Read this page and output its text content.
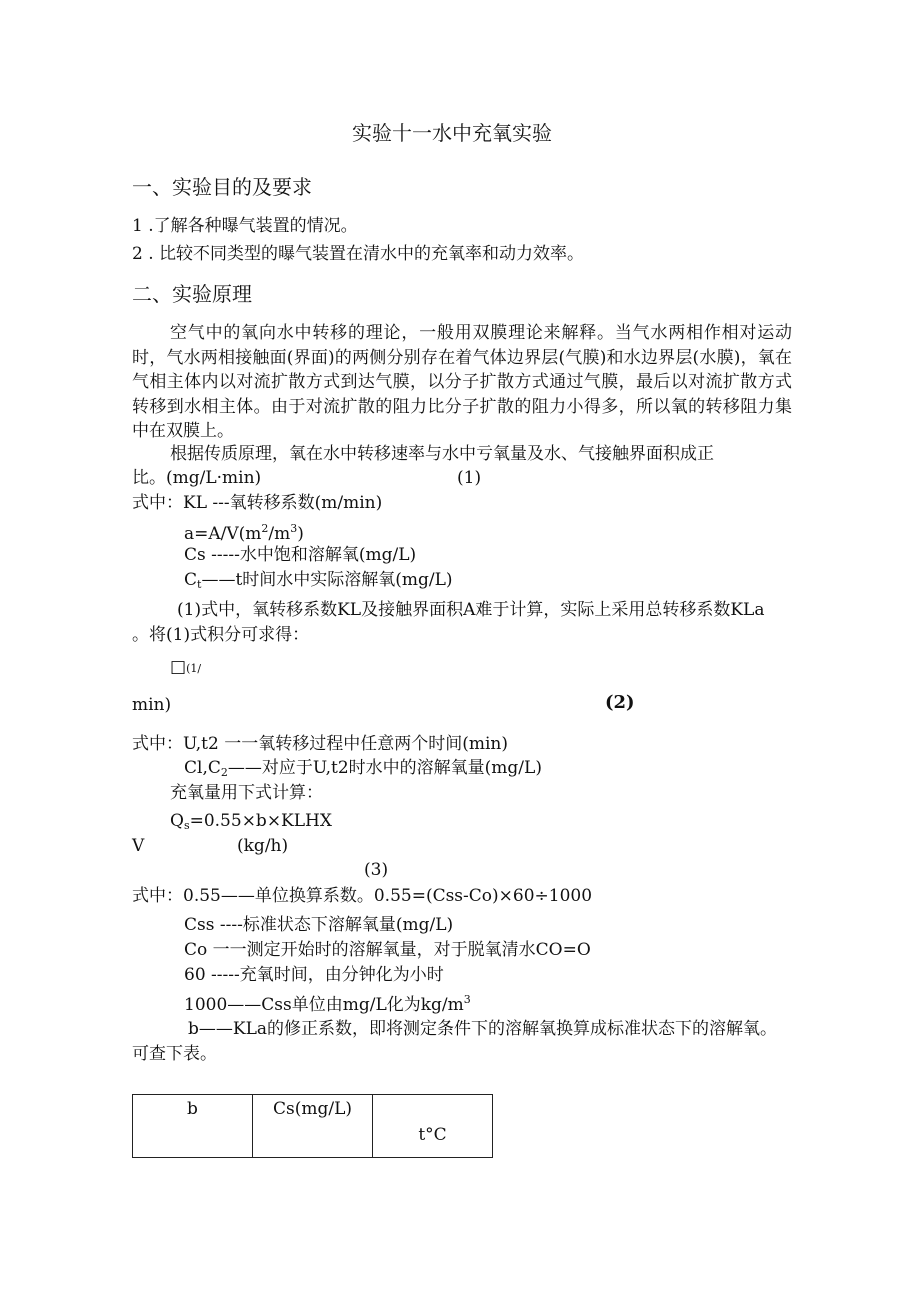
实验十一水中充氧实验
一、实验目的及要求
1 .了解各种曝气装置的情况。
2 . 比较不同类型的曝气装置在清水中的充氧率和动力效率。
二、实验原理
空气中的氧向水中转移的理论，一般用双膜理论来解释。当气水两相作相对运动时，气水两相接触面(界面)的两侧分别存在着气体边界层(气膜)和水边界层(水膜)，氧在气相主体内以对流扩散方式到达气膜，以分子扩散方式通过气膜，最后以对流扩散方式转移到水相主体。由于对流扩散的阻力比分子扩散的阻力小得多，所以氧的转移阻力集中在双膜上。
根据传质原理，氧在水中转移速率与水中亏氧量及水、气接触界面积成正
比。(mg/L·min)	(1)
式中：KL ---氧转移系数(m/min)
$a=A/V(m^2/m^3)$
Cs -----水中饱和溶解氧(mg/L)
$C_t——t$时间水中实际溶解氧(mg/L)
(1)式中，氧转移系数KL及接触界面积A难于计算，实际上采用总转移系数KLa
。将(1)式积分可求得：
□(1/
min)	(2)
式中：U,t2 一一氧转移过程中任意两个时间(min)
$Cl,C_2——$对应于U,t2时水中的溶解氧量(mg/L)
充氧量用下式计算：
$Q_s=0.55\times b\times KLHX$
V	(kg/h)
(3)
式中：0.55——单位换算系数。0.55=(Css-Co)×60÷1000
Css ----标准状态下溶解氧量(mg/L)
Co 一一测定开始时的溶解氧量，对于脱氧清水CO=O
60 -----充氧时间，由分钟化为小时
1000——Css单位由mg/L化为$kg/m^3$
b——KLa的修正系数，即将测定条件下的溶解氧换算成标准状态下的溶解氧。
可查下表。
b	Cs(mg/L)	t°C
